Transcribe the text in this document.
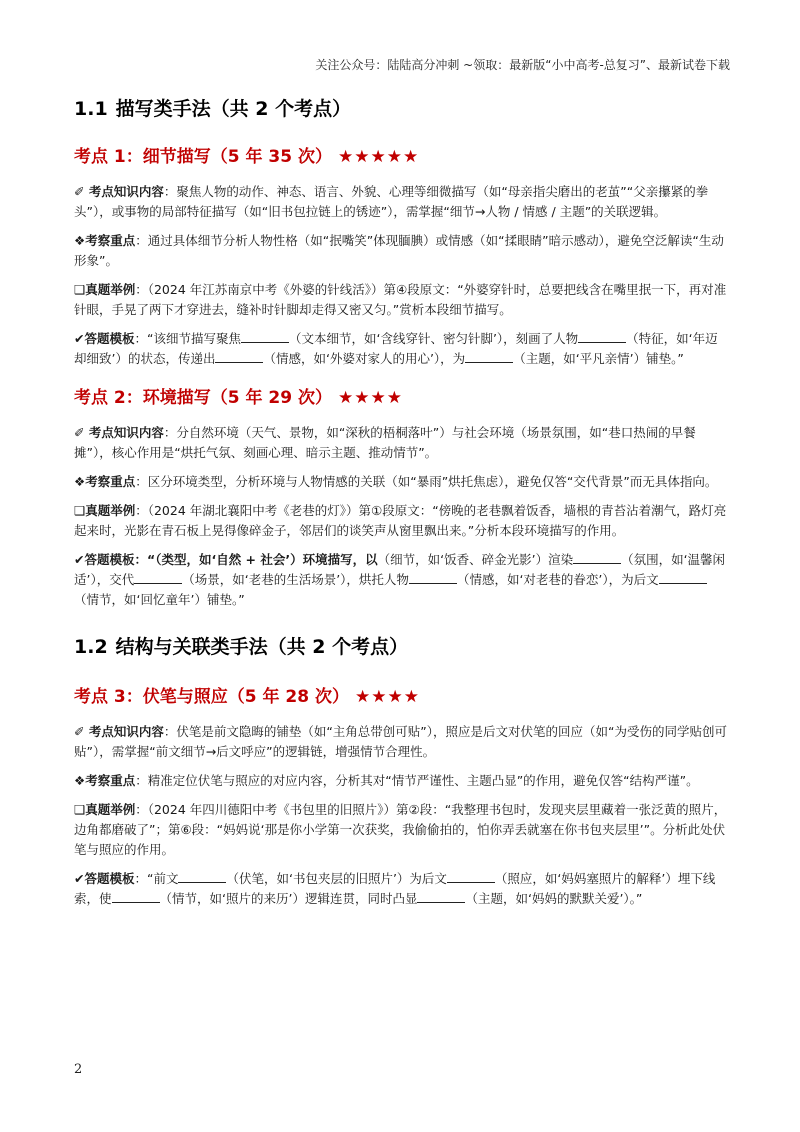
关注公众号：陆陆高分冲刺 ~领取：最新版“小中高考-总复习”、最新试卷下载
1.1 描写类手法（共 2 个考点）
考点 1：细节描写（5 年 35 次） ★★★★★

✐ 考点知识内容：聚焦人物的动作、神态、语言、外貌、心理等细微描写（如“母亲指尖磨出的老茧”“父亲攥紧的拳头”），或事物的局部特征描写（如“旧书包拉链上的锈迹”），需掌握“细节→人物 / 情感 / 主题”的关联逻辑。

❖考察重点：通过具体细节分析人物性格（如“抿嘴笑”体现腼腆）或情感（如“揉眼睛”暗示感动），避免空泛解读“生动形象”。

❑真题举例：（2024 年江苏南京中考《外婆的针线活》）第④段原文：“外婆穿针时，总要把线含在嘴里抿一下，再对准针眼，手晃了两下才穿进去，缝补时针脚却走得又密又匀。”赏析本段细节描写。

✔答题模板：“该细节描写聚焦	（文本细节，如‘含线穿针、密匀针脚’），刻画了人物	（特征，如‘年迈却细致’）的状态，传递出	（情感，如‘外婆对家人的用心’），为	（主题，如‘平凡亲情’）铺垫。”

考点 2：环境描写（5 年 29 次） ★★★★

✐ 考点知识内容：分自然环境（天气、景物，如“深秋的梧桐落叶”）与社会环境（场景氛围，如“巷口热闹的早餐摊”），核心作用是“烘托气氛、刻画心理、暗示主题、推动情节”。

❖考察重点：区分环境类型，分析环境与人物情感的关联（如“暴雨”烘托焦虑），避免仅答“交代背景”而无具体指向。

❑真题举例：（2024 年湖北襄阳中考《老巷的灯》）第①段原文：“傍晚的老巷飘着饭香，墙根的青苔沾着潮气，路灯亮起来时，光影在青石板上晃得像碎金子，邻居们的谈笑声从窗里飘出来。”分析本段环境描写的作用。

✔答题模板：“（类型，如‘自然 + 社会’）环境描写，以（细节，如‘饭香、碎金光影’）渲染	（氛围，如‘温馨闲适’），交代	（场景，如‘老巷的生活场景’），烘托人物	（情感，如‘对老巷的眷恋’），为后文（情节，如‘回忆童年’）铺垫。”

1.2 结构与关联类手法（共 2 个考点）
考点 3：伏笔与照应（5 年 28 次） ★★★★

✐ 考点知识内容：伏笔是前文隐晦的铺垫（如“主角总带创可贴”），照应是后文对伏笔的回应（如“为受伤的同学贴创可贴”），需掌握“前文细节→后文呼应”的逻辑链，增强情节合理性。

❖考察重点：精准定位伏笔与照应的对应内容，分析其对“情节严谨性、主题凸显”的作用，避免仅答“结构严谨”。

❑真题举例：（2024 年四川德阳中考《书包里的旧照片》）第②段：“我整理书包时，发现夹层里藏着一张泛黄的照片，边角都磨破了”；第⑥段：“妈妈说‘那是你小学第一次获奖，我偷偷拍的，怕你弄丢就塞在你书包夹层里’”。分析此处伏笔与照应的作用。

✔答题模板：“前文	（伏笔，如‘书包夹层的旧照片’）为后文	（照应，如‘妈妈塞照片的解释’）埋下线索，使	（情节，如‘照片的来历’）逻辑连贯，同时凸显	（主题，如‘妈妈的默默关爱’）。”

2
